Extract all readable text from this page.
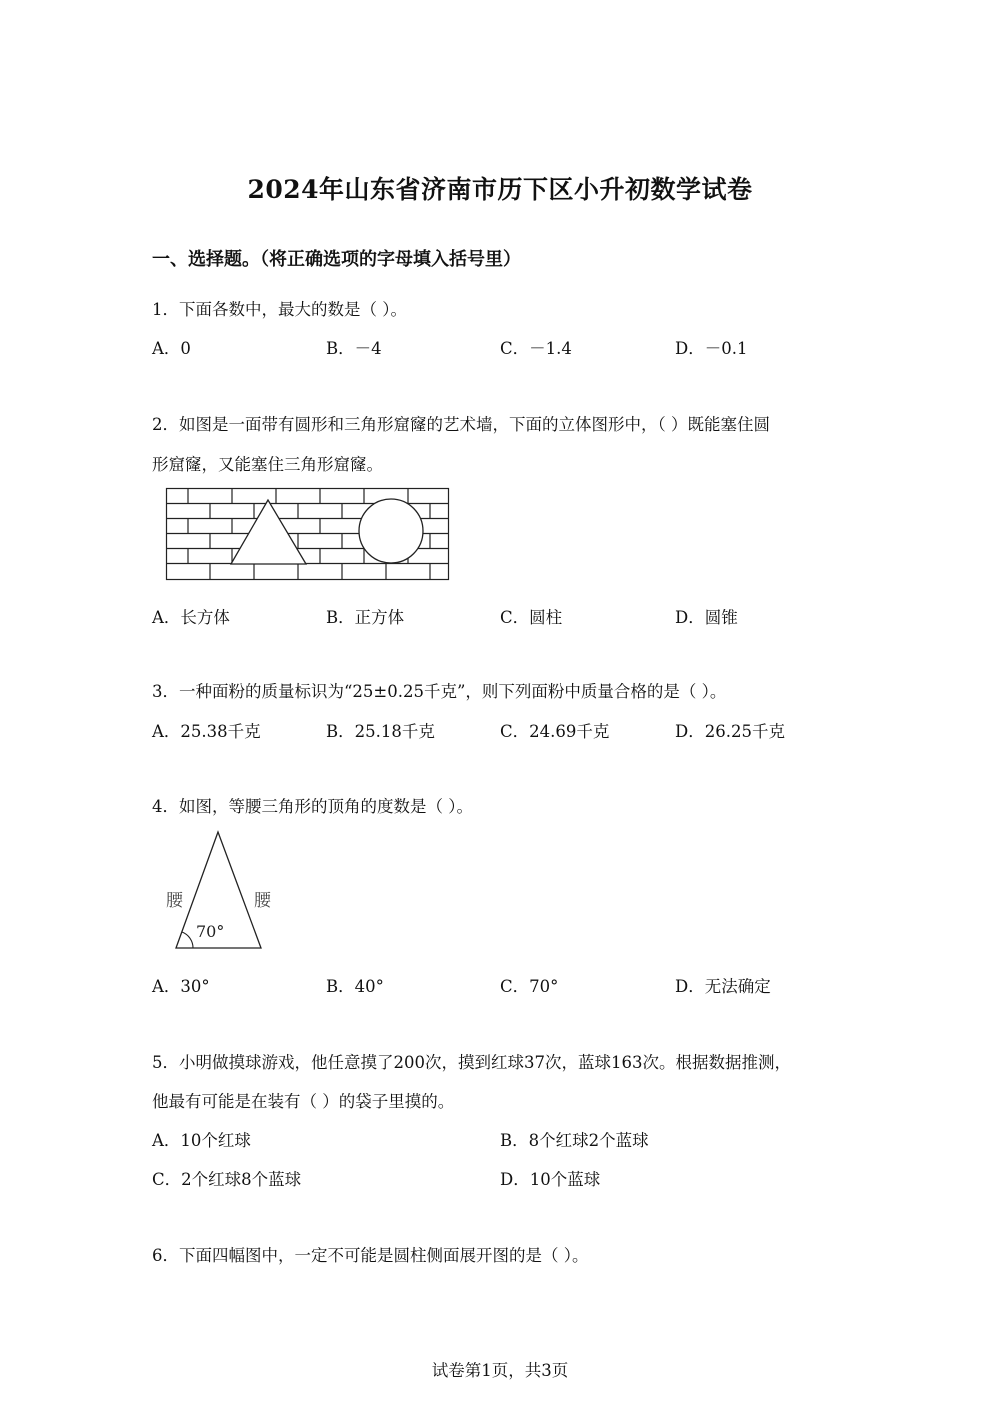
2024年山东省济南市历下区小升初数学试卷
一、选择题。（将正确选项的字母填入括号里）
1．下面各数中，最大的数是（ ）。
A．0	B．－4	C．－1.4	D．－0.1
2．如图是一面带有圆形和三角形窟窿的艺术墙，下面的立体图形中，（ ）既能塞住圆
形窟窿，又能塞住三角形窟窿。
A．长方体	B．正方体	C．圆柱	D．圆锥
3．一种面粉的质量标识为“25±0.25千克”，则下列面粉中质量合格的是（ ）。
A．25.38千克	B．25.18千克	C．24.69千克	D．26.25千克
4．如图，等腰三角形的顶角的度数是（ ）。
腰	腰
70°
A．30°	B．40°	C．70°	D．无法确定
5．小明做摸球游戏，他任意摸了200次，摸到红球37次，蓝球163次。根据数据推测，
他最有可能是在装有（ ）的袋子里摸的。
A．10个红球	B．8个红球2个蓝球
C．2个红球8个蓝球	D．10个蓝球
6．下面四幅图中，一定不可能是圆柱侧面展开图的是（ ）。
试卷第1页，共3页
